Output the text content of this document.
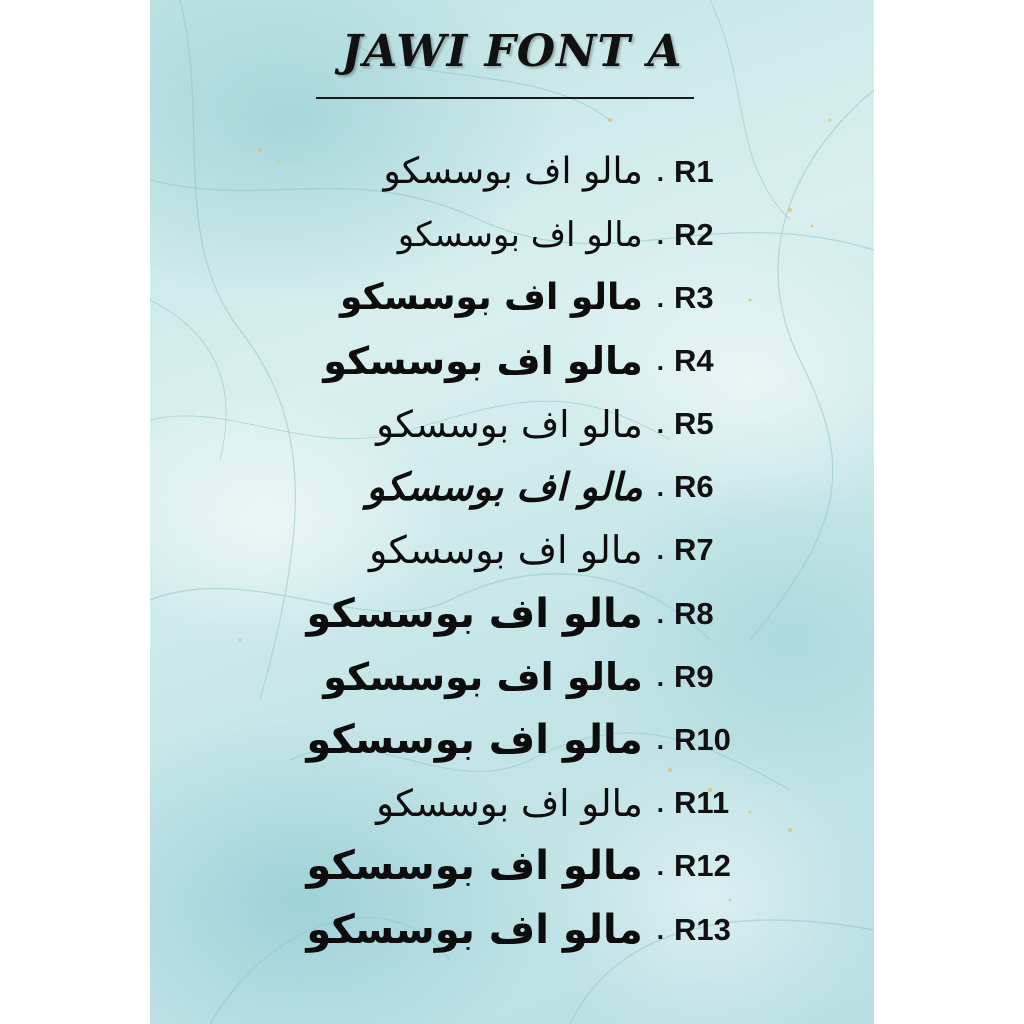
JAWI FONT A
مالو اف بوسسكو . R1
مالو اف بوسسكو . R2
مالو اف بوسسكو . R3
مالو اف بوسسكو . R4
مالو اف بوسسكو . R5
مالو اف بوسسكو . R6
مالو اف بوسسكو . R7
مالو اف بوسسكو . R8
مالو اف بوسسكو . R9
مالو اف بوسسكو . R10
مالو اف بوسسكو . R11
مالو اف بوسسكو . R12
مالو اف بوسسكو . R13
